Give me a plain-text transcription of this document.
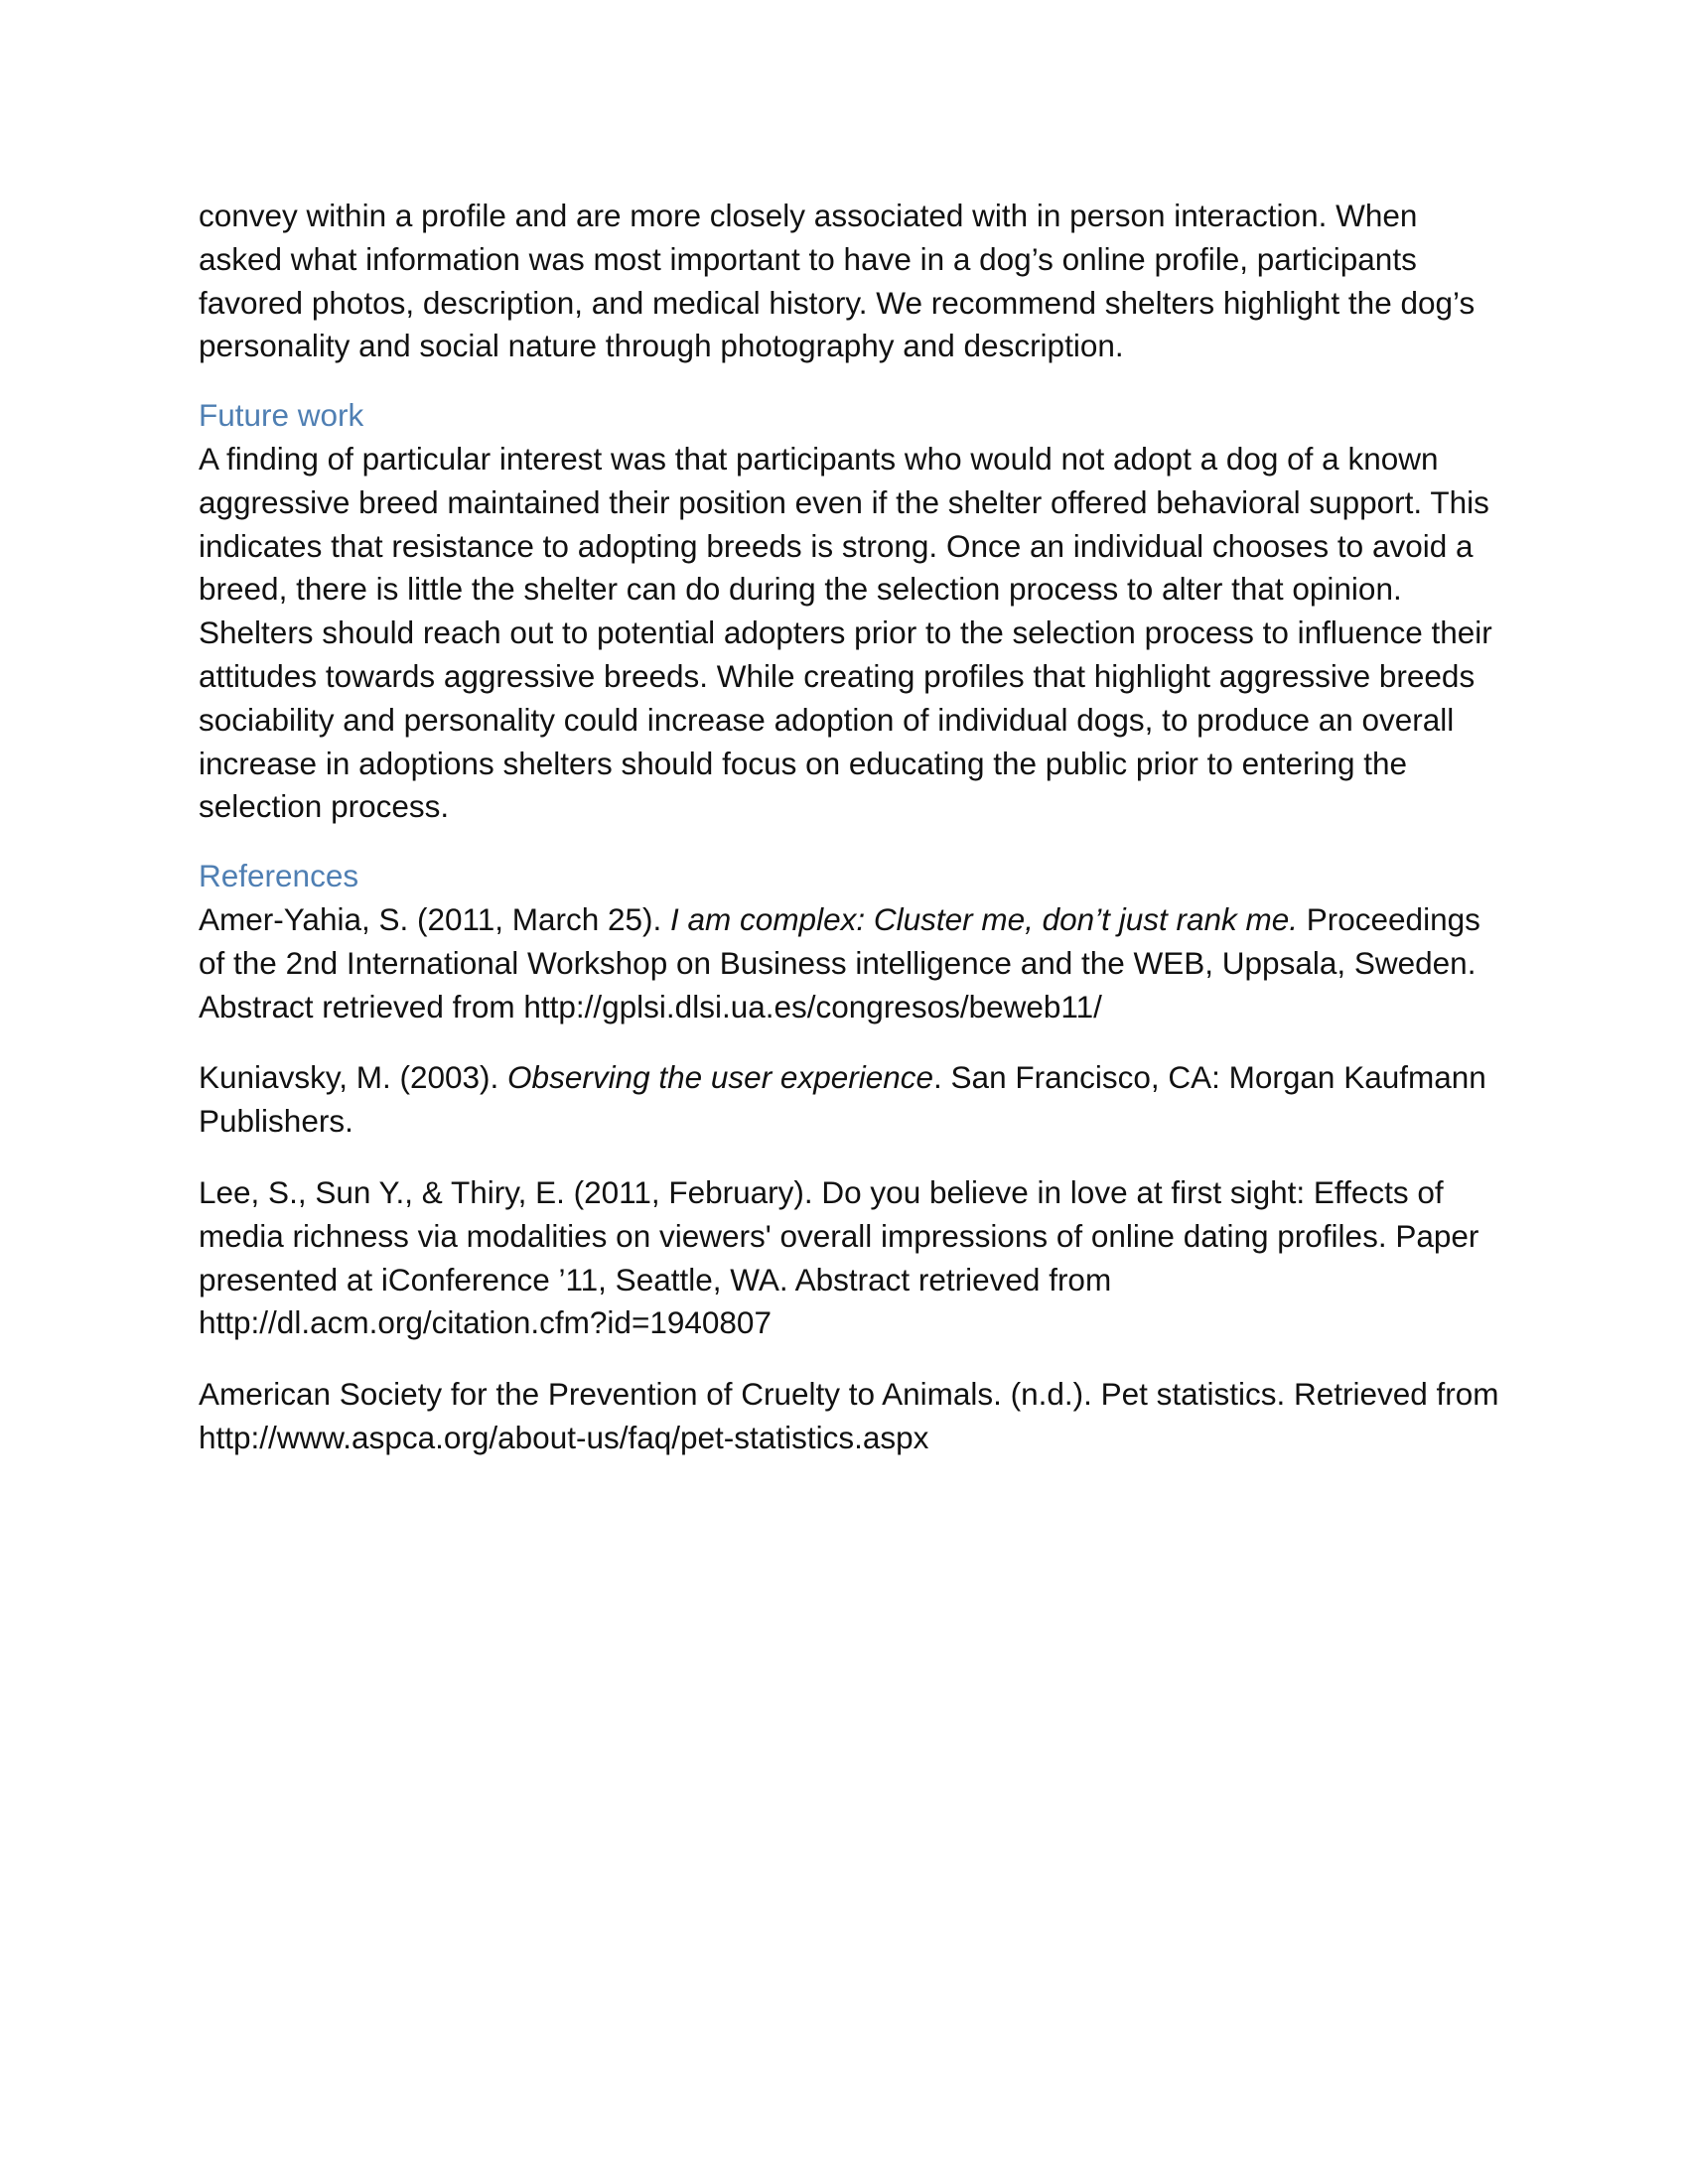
convey within a profile and are more closely associated with in person interaction. When asked what information was most important to have in a dog’s online profile, participants favored photos, description, and medical history. We recommend shelters highlight the dog’s personality and social nature through photography and description.

Future work

A finding of particular interest was that participants who would not adopt a dog of a known aggressive breed maintained their position even if the shelter offered behavioral support. This indicates that resistance to adopting breeds is strong. Once an individual chooses to avoid a breed, there is little the shelter can do during the selection process to alter that opinion. Shelters should reach out to potential adopters prior to the selection process to influence their attitudes towards aggressive breeds. While creating profiles that highlight aggressive breeds sociability and personality could increase adoption of individual dogs, to produce an overall increase in adoptions shelters should focus on educating the public prior to entering the selection process.

References

Amer-Yahia, S. (2011, March 25). I am complex: Cluster me, don’t just rank me. Proceedings of the 2nd International Workshop on Business intelligence and the WEB, Uppsala, Sweden. Abstract retrieved from http://gplsi.dlsi.ua.es/congresos/beweb11/

Kuniavsky, M. (2003). Observing the user experience. San Francisco, CA: Morgan Kaufmann Publishers.

Lee, S., Sun Y., & Thiry, E. (2011, February). Do you believe in love at first sight: Effects of media richness via modalities on viewers' overall impressions of online dating profiles. Paper presented at iConference ’11, Seattle, WA. Abstract retrieved from http://dl.acm.org/citation.cfm?id=1940807

American Society for the Prevention of Cruelty to Animals. (n.d.). Pet statistics. Retrieved from http://www.aspca.org/about-us/faq/pet-statistics.aspx
